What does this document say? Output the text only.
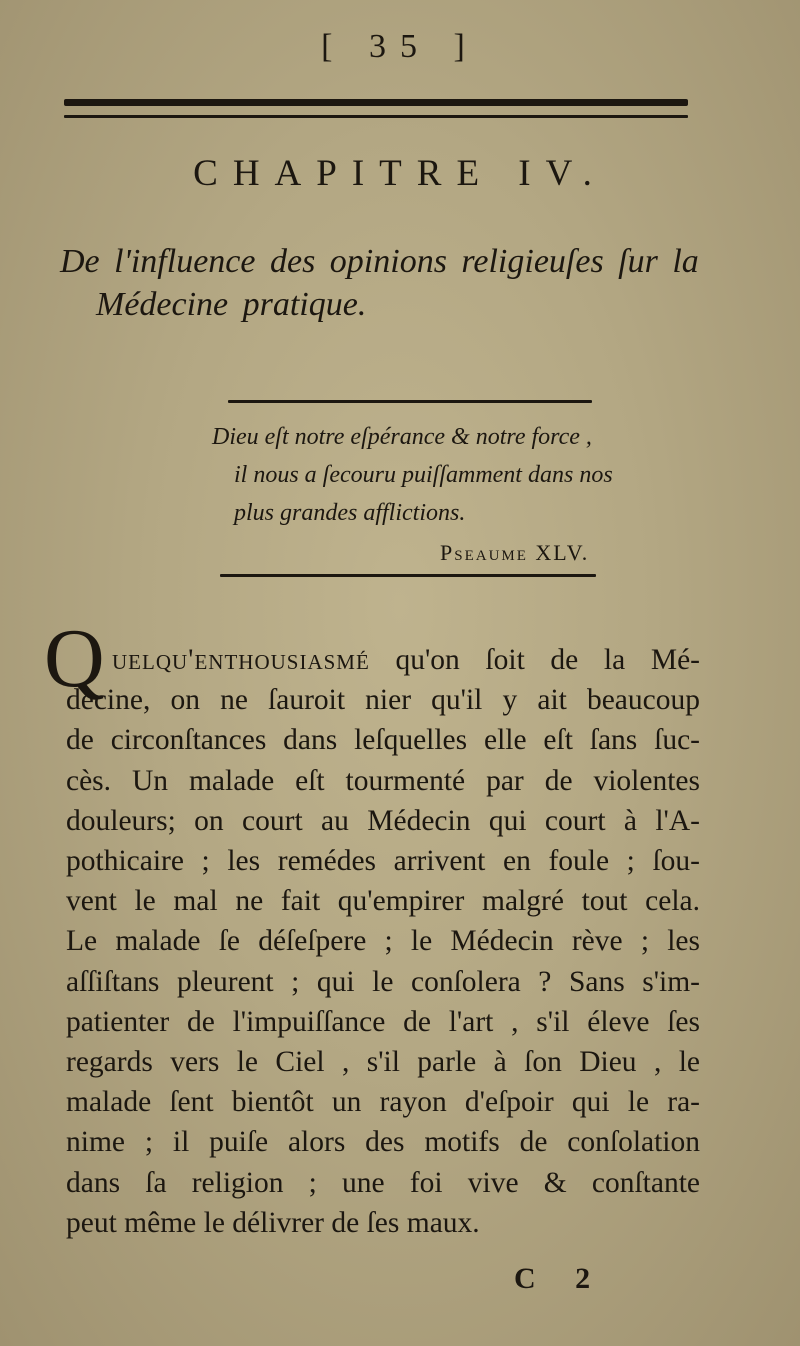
[ 35 ]
CHAPITRE IV.
De l'influence des opinions religieuſes ſur la
Médecine pratique.
Dieu eſt notre eſpérance & notre force ,
il nous a ſecouru puiſſamment dans nos
plus grandes afflictions.
Pseaume XLV.
Q uelqu'enthousiasmé qu'on ſoit de la Mé-
decine, on ne ſauroit nier qu'il y ait beaucoup
de circonſtances dans leſquelles elle eſt ſans ſuc-
cès. Un malade eſt tourmenté par de violentes
douleurs; on court au Médecin qui court à l'A-
pothicaire ; les remédes arrivent en foule ; ſou-
vent le mal ne fait qu'empirer malgré tout cela.
Le malade ſe déſeſpere ; le Médecin rève ; les
aſſiſtans pleurent ; qui le conſolera ? Sans s'im-
patienter de l'impuiſſance de l'art , s'il éleve ſes
regards vers le Ciel , s'il parle à ſon Dieu , le
malade ſent bientôt un rayon d'eſpoir qui le ra-
nime ; il puiſe alors des motifs de conſolation
dans ſa religion ; une foi vive & conſtante
peut même le délivrer de ſes maux.
C 2
